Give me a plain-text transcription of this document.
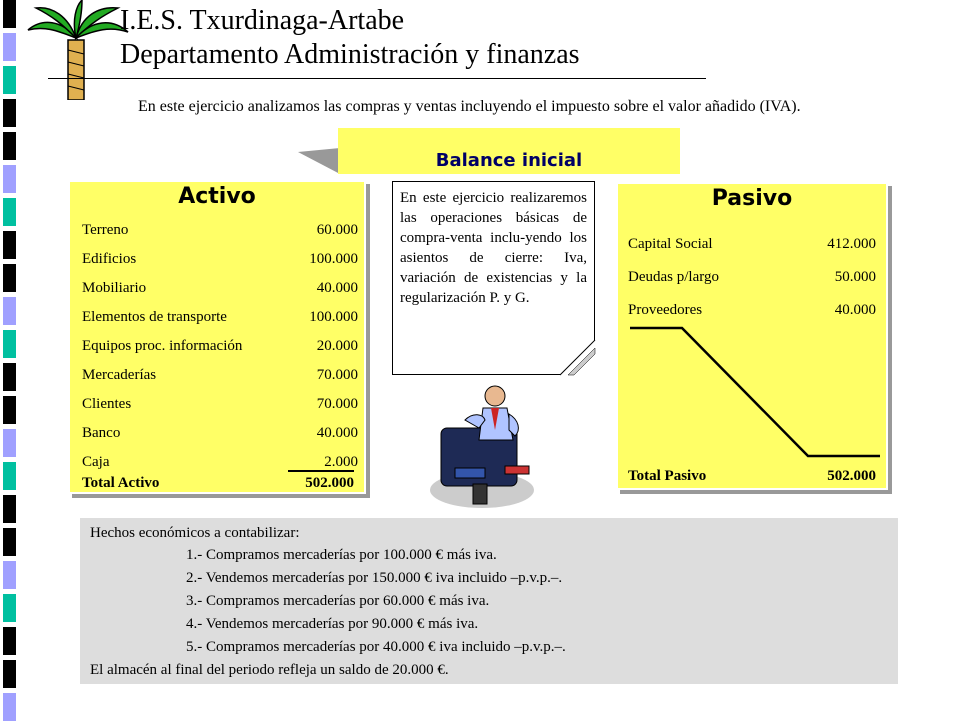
I.E.S. Txurdinaga-Artabe
Departamento Administración y finanzas
En este ejercicio analizamos las compras y ventas incluyendo el impuesto sobre el valor añadido (IVA).
Balance inicial
Activo
Terreno	60.000
Edificios	100.000
Mobiliario	40.000
Elementos de transporte	100.000
Equipos proc. información	20.000
Mercaderías	70.000
Clientes	70.000
Banco	40.000
Caja	2.000
Total Activo	502.000
En este ejercicio realizaremos las operaciones básicas de compra-venta inclu-yendo los asientos de cierre: Iva, variación de existencias y la regularización P. y G.
Pasivo
Capital Social	412.000
Deudas p/largo	50.000
Proveedores	40.000
Total Pasivo	502.000
Hechos económicos a contabilizar:
1.- Compramos mercaderías por 100.000 € más iva.
2.- Vendemos mercaderías por 150.000 € iva incluido –p.v.p.–.
3.- Compramos mercaderías por 60.000 € más iva.
4.- Vendemos mercaderías por 90.000 € más iva.
5.- Compramos mercaderías por 40.000 € iva incluido –p.v.p.–.
El almacén al final del periodo refleja un saldo de 20.000 €.
